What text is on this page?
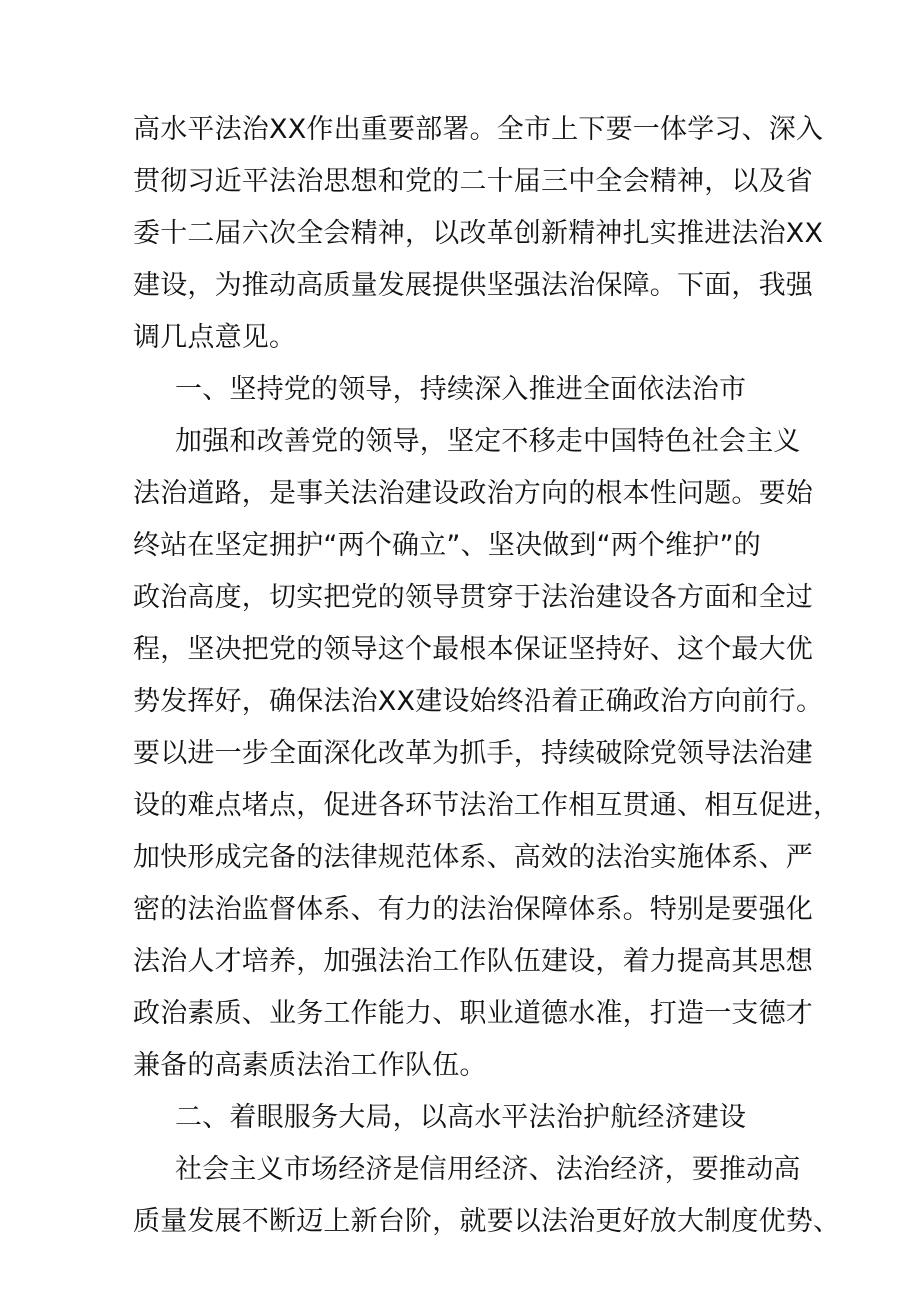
高水平法治XX作出重要部署。全市上下要一体学习、深入
贯彻习近平法治思想和党的二十届三中全会精神，以及省
委十二届六次全会精神，以改革创新精神扎实推进法治XX
建设，为推动高质量发展提供坚强法治保障。下面，我强
调几点意见。
一、坚持党的领导，持续深入推进全面依法治市
加强和改善党的领导，坚定不移走中国特色社会主义
法治道路，是事关法治建设政治方向的根本性问题。要始
终站在坚定拥护“两个确立”、坚决做到“两个维护”的
政治高度，切实把党的领导贯穿于法治建设各方面和全过
程，坚决把党的领导这个最根本保证坚持好、这个最大优
势发挥好，确保法治XX建设始终沿着正确政治方向前行。
要以进一步全面深化改革为抓手，持续破除党领导法治建
设的难点堵点，促进各环节法治工作相互贯通、相互促进，
加快形成完备的法律规范体系、高效的法治实施体系、严
密的法治监督体系、有力的法治保障体系。特别是要强化
法治人才培养，加强法治工作队伍建设，着力提高其思想
政治素质、业务工作能力、职业道德水准，打造一支德才
兼备的高素质法治工作队伍。
二、着眼服务大局，以高水平法治护航经济建设
社会主义市场经济是信用经济、法治经济，要推动高
质量发展不断迈上新台阶，就要以法治更好放大制度优势、
